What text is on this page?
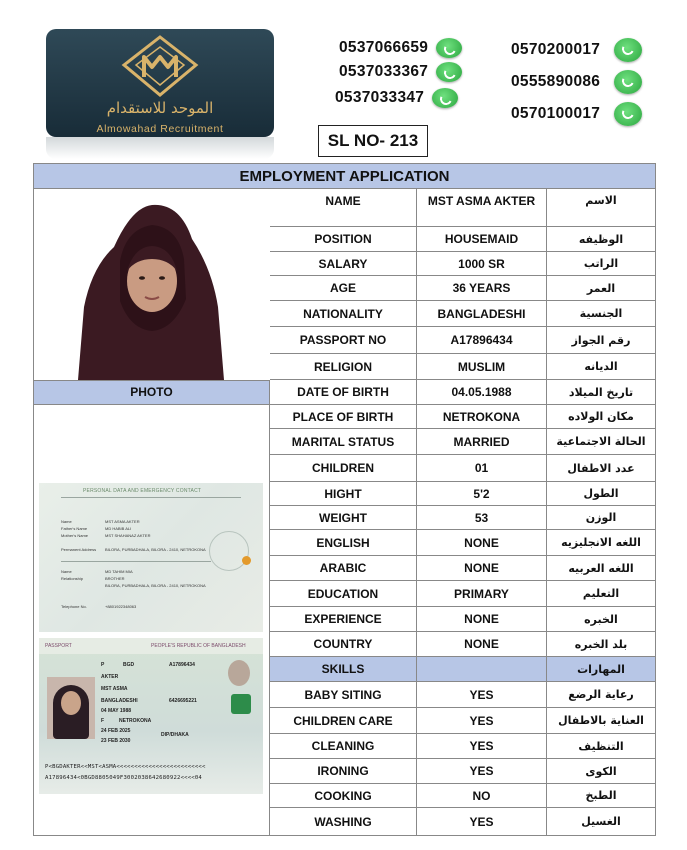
الموحد للاستقدام
Almowahad Recruitment
0537066659
0537033367
0537033347
0570200017
0555890086
0570100017
SL NO- 213
EMPLOYMENT APPLICATION
PHOTO
NAME	MST ASMA AKTER	الاسم
POSITION	HOUSEMAID	الوظيفه
SALARY	1000 SR	الراتب
AGE	36 YEARS	العمر
NATIONALITY	BANGLADESHI	الجنسية
PASSPORT NO	A17896434	رقم الجواز
RELIGION	MUSLIM	الديانه
DATE OF BIRTH	04.05.1988	تاريخ الميلاد
PLACE OF BIRTH	NETROKONA	مكان الولاده
MARITAL STATUS	MARRIED	الحالة الاجتماعية
CHILDREN	01	عدد الاطفال
HIGHT	5'2	الطول
WEIGHT	53	الوزن
ENGLISH	NONE	اللغه الانجليزيه
ARABIC	NONE	اللغه العربيه
EDUCATION	PRIMARY	التعليم
EXPERIENCE	NONE	الخبره
COUNTRY	NONE	بلد الخبره
SKILLS	المهارات
BABY SITING	YES	رعاية الرضع
CHILDREN CARE	YES	العناية بالاطفال
CLEANING	YES	التنظيف
IRONING	YES	الكوى
COOKING	NO	الطبخ
WASHING	YES	الغسيل
PERSONAL DATA AND EMERGENCY CONTACT
Name	MST ASMA AKTER
Father's Name	MD HABIB ALI
Mother's Name	MST SHAHANAZ AKTER
Permanent Address BILORA, PURBADHALA, BILORA - 2410, NETROKONA
Name	MD TAHIM MIA
Relationship	BROTHER
BILORA, PURBADHALA, BILORA - 2410, NETROKONA
Telephone No.	+8801922348063
PASSPORT	PEOPLE'S REPUBLIC OF BANGLADESH
P	BGD	A17896434
AKTER
MST ASMA
BANGLADESHI	6426695221
04 MAY 1988
F	NETROKONA
24 FEB 2025
DIP/DHAKA
23 FEB 2030
P<BGDAKTER<<MST<ASMA<<<<<<<<<<<<<<<<<<<<<<<<<
A17896434<0BGD8805049F3002038642680922<<<<04
